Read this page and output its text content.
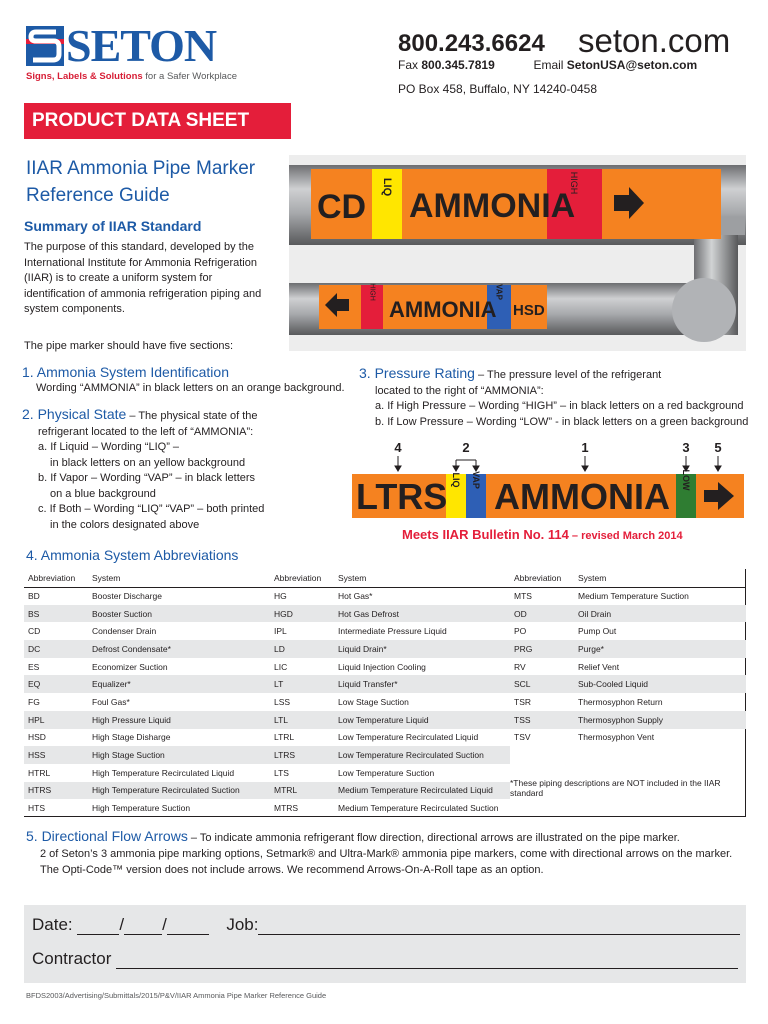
SETON
Signs, Labels & Solutions for a Safer Workplace
800.243.6624 seton.com
Fax 800.345.7819	Email SetonUSA@seton.com
PO Box 458, Buffalo, NY 14240-0458
PRODUCT DATA SHEET
IIAR Ammonia Pipe Marker Reference Guide
Summary of IIAR Standard
The purpose of this standard, developed by the International Institute for Ammonia Refrigeration (IIAR) is to create a uniform system for identification of ammonia refrigeration piping and system components.
The pipe marker should have five sections:
CD
LIQ AMMONIA
HIGH
HIGH
AMMONIA
VAP
HSD
1. Ammonia System Identification
Wording “AMMONIA” in black letters on an orange background.
2. Physical State – The physical state of the
refrigerant located to the left of “AMMONIA”:
a. If Liquid – Wording “LIQ” –
in black letters on an yellow background
b. If Vapor – Wording “VAP” – in black letters
on a blue background
c. If Both – Wording “LIQ” “VAP” – both printed
in the colors designated above
3. Pressure Rating – The pressure level of the refrigerant
located to the right of “AMMONIA”:
a. If High Pressure – Wording “HIGH” – in black letters on a red background
b. If Low Pressure – Wording “LOW” - in black letters on a green background
4	2	1	3 5
LTRS LIQ VAP AMMONIA LOW
Meets IIAR Bulletin No. 114 – revised March 2014
4. Ammonia System Abbreviations
Abbreviation	System
BD	Booster Discharge
BS	Booster Suction
CD	Condenser Drain
DC	Defrost Condensate*
ES	Economizer Suction
EQ	Equalizer*
FG	Foul Gas*
HPL	High Pressure Liquid
HSD	High Stage Disharge
HSS	High Stage Suction
HTRL	High Temperature Recirculated Liquid
HTRS	High Temperature Recirculated Suction
HTS	High Temperature Suction
Abbreviation	System
HG	Hot Gas*
HGD	Hot Gas Defrost
IPL	Intermediate Pressure Liquid
LD	Liquid Drain*
LIC	Liquid Injection Cooling
LT	Liquid Transfer*
LSS	Low Stage Suction
LTL	Low Temperature Liquid
LTRL	Low Temperature Recirculated Liquid
LTRS	Low Temperature Recirculated Suction
LTS	Low Temperature Suction
MTRL	Medium Temperature Recirculated Liquid
MTRS	Medium Temperature Recirculated Suction
Abbreviation	System
MTS	Medium Temperature Suction
OD	Oil Drain
PO	Pump Out
PRG	Purge*
RV	Relief Vent
SCL	Sub-Cooled Liquid
TSR	Thermosyphon Return
TSS	Thermosyphon Supply
TSV	Thermosyphon Vent
*These piping descriptions are NOT included in the IIAR standard
5. Directional Flow Arrows – To indicate ammonia refrigerant flow direction, directional arrows are illustrated on the pipe marker.
2 of Seton’s 3 ammonia pipe marking options, Setmark® and Ultra-Mark® ammonia pipe markers, come with directional arrows on the marker.
The Opti-Code™ version does not include arrows. We recommend Arrows-On-A-Roll tape as an option.
Date:	/ /	Job:
Contractor
BFDS2003/Advertising/Submittals/2015/P&V/IIAR Ammonia Pipe Marker Reference Guide
